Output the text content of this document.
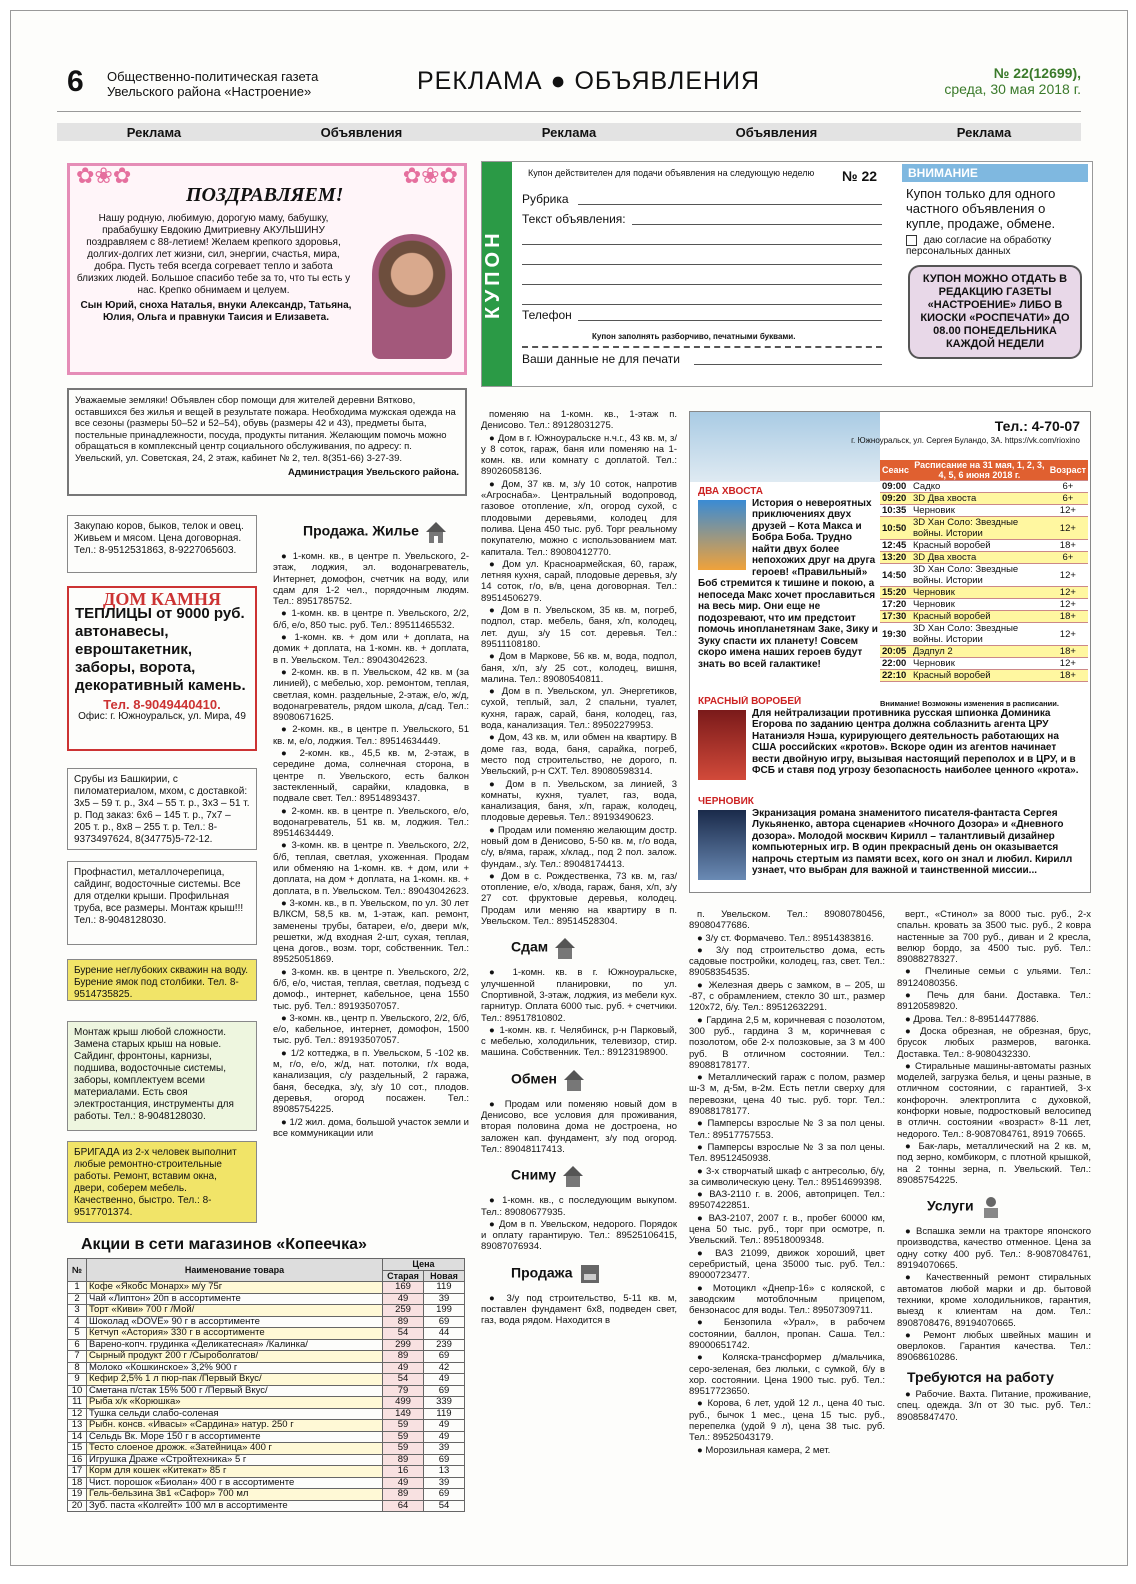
6 Общественно-политическая газета
Увельского района «Настроение»	РЕКЛАМА ● ОБЪЯВЛЕНИЯ	№ 22(12699),
среда, 30 мая 2018 г.
Реклама	Объявления	Реклама	Объявления	Реклама
✿❀✿	✿❀✿
ПОЗДРАВЛЯЕМ!
Нашу родную, любимую, дорогую маму, бабушку, прабабушку Евдокию Дмитриевну АКУЛЬШИНУ поздравляем с 88-летием! Желаем крепкого здоровья, долгих-долгих лет жизни, сил, энергии, счастья, мира, добра. Пусть тебя всегда согревает тепло и забота близких людей. Большое спасибо тебе за то, что ты есть у нас. Крепко обнимаем и целуем.
Сын Юрий, сноха Наталья, внуки Александр, Татьяна, Юлия, Ольга и правнуки Таисия и Елизавета.	КУПОН
Купон действителен для подачи объявления на следующую неделю № 22
Рубрика
Текст объявления:
Телефон
Купон заполнять разборчиво, печатными буквами.
Ваши данные не для печати
ВНИМАНИЕ

Купон только для одного частного объявления о купле, продаже, обмене.

даю согласие на обработку персональных данных
КУПОН МОЖНО ОТДАТЬ В РЕДАКЦИЮ ГАЗЕТЫ «НАСТРОЕНИЕ» ЛИБО В КИОСКИ «РОСПЕЧАТИ» ДО 08.00 ПОНЕДЕЛЬНИКА КАЖДОЙ НЕДЕЛИ
Уважаемые земляки! Объявлен сбор помощи для жителей деревни Вятково, оставшихся без жилья и вещей в результате пожара. Необходима мужская одежда на все сезоны (размеры 50–52 и 52–54), обувь (размеры 42 и 43), предметы быта, постельные принадлежности, посуда, продукты питания. Желающим помочь можно обращаться в комплексный центр социального обслуживания, по адресу: п. Увельский, ул. Советская, 24, 2 этаж, кабинет № 2, тел. 8(351-66) 3-27-39.
Администрация Увельского района.
Закупаю коров, быков, телок и овец. Живьем и мясом. Цена договорная. Тел.: 8-9512531863, 8-9227065603.
ДОМ КАМНЯ
ТЕПЛИЦЫ от 9000 руб. автонавесы, евроштакетник, заборы, ворота, декоративный камень.
Тел. 8-9049440410.
Офис: г. Южноуральск, ул. Мира, 49
Срубы из Башкирии, с пиломатериалом, мхом, с доставкой: 3х5 – 59 т. р., 3х4 – 55 т. р., 3х3 – 51 т. р. Под заказ: 6х6 – 145 т. р., 7х7 – 205 т. р., 8х8 – 255 т. р. Тел.: 8-9373497624, 8(34775)5-72-12.
Профнастил, металлочерепица, сайдинг, водосточные системы. Все для отделки крыши. Профильная труба, все размеры. Монтаж крыш!!! Тел.: 8-9048128030.
Бурение неглубоких скважин на воду. Бурение ямок под столбики. Тел. 8-9514735825.
Монтаж крыш любой сложности. Замена старых крыш на новые. Сайдинг, фронтоны, карнизы, подшива, водосточные системы, заборы, комплектуем всеми материалами. Есть своя электростанция, инструменты для работы. Тел.: 8-9048128030.
БРИГАДА из 2-х человек выполнит любые ремонтно-строительные работы. Ремонт, вставим окна, двери, соберем мебель. Качественно, быстро. Тел.: 8-9517701374.
Продажа. Жилье

● 1-комн. кв., в центре п. Увельского, 2-этаж, лоджия, эл. водонагреватель, Интернет, домофон, счетчик на воду, или сдам для 1-2 чел., порядочным людям. Тел.: 8951785752.

● 1-комн. кв. в центре п. Увельского, 2/2, б/б, е/о, 850 тыс. руб. Тел.: 89511465532.

● 1-комн. кв. + дом или + доплата, на домик + доплата, на 1-комн. кв. + доплата, в п. Увельском. Тел.: 89043042623.

● 2-комн. кв. в п. Увельском, 42 кв. м (за линией), с мебелью, хор. ремонтом, теплая, светлая, комн. раздельные, 2-этаж, е/о, ж/д, водонагреватель, рядом школа, д/сад. Тел.: 89080671625.

● 2-комн. кв., в центре п. Увельского, 51 кв. м, е/о, лоджия. Тел.: 89514634449.

● 2-комн. кв., 45,5 кв. м, 2-этаж, в середине дома, солнечная сторона, в центре п. Увельского, есть балкон застекленный, сарайки, кладовка, в подвале свет. Тел.: 89514893437.

● 2-комн. кв. в центре п. Увельского, е/о, водонагреватель, 51 кв. м, лоджия. Тел.: 89514634449.

● 3-комн. кв. в центре п. Увельского, 2/2, б/б, теплая, светлая, ухоженная. Продам или обменяю на 1-комн. кв. + дом, или + доплата, на дом + доплата, на 1-комн. кв. + доплата, в п. Увельском. Тел.: 89043042623.

● 3-комн. кв., в п. Увельском, по ул. 30 лет ВЛКСМ, 58,5 кв. м, 1-этаж, кап. ремонт, заменены трубы, батареи, е/о, двери м/к, решетки, ж/д входная 2-шт, сухая, теплая, цена догов., возм. торг, собственник. Тел.: 89525051869.

● 3-комн. кв. в центре п. Увельского, 2/2, б/б, е/о, чистая, теплая, светлая, подъезд с домоф., интернет, кабельное, цена 1550 тыс. руб. Тел.: 89193507057.

● 3-комн. кв., центр п. Увельского, 2/2, б/б, е/о, кабельное, интернет, домофон, 1500 тыс. руб. Тел.: 89193507057.

● 1/2 коттеджа, в п. Увельском, 5 -102 кв. м, г/о, е/о, ж/д, нат. потолки, г/х вода, канализация, с/у раздельный, 2 гаража, баня, беседка, з/у, з/у 10 сот., плодов. деревья, огород посажен. Тел.: 89085754225.

● 1/2 жил. дома, большой участок земли и все коммуникации или

поменяю на 1-комн. кв., 1-этаж п. Денисово. Тел.: 89128031275.

● Дом в г. Южноуральске н.ч.г., 43 кв. м, з/у 8 соток, гараж, баня или поменяю на 1-комн. кв. или комнату с доплатой. Тел.: 89026058136.

● Дом, 37 кв. м, з/у 10 соток, напротив «Агроснаба». Центральный водопровод, газовое отопление, х/п, огород сухой, с плодовыми деревьями, колодец для полива. Цена 450 тыс. руб. Торг реальному покупателю, можно с использованием мат. капитала. Тел.: 89080412770.

● Дом ул. Красноармейская, 60, гараж, летняя кухня, сарай, плодовые деревья, з/у 14 соток, г/о, в/в, цена договорная. Тел.: 89514506279.

● Дом в п. Увельском, 35 кв. м, погреб, подпол, стар. мебель, баня, х/п, колодец, лет. душ, з/у 15 сот. деревья. Тел.: 89511108180.

● Дом в Маркове, 56 кв. м, вода, подпол, баня, х/п, з/у 25 сот., колодец, вишня, малина. Тел.: 89080540811.

● Дом в п. Увельском, ул. Энергетиков, сухой, теплый, зал, 2 спальни, туалет, кухня, гараж, сарай, баня, колодец, газ, вода, канализация. Тел.: 89502279953.

● Дом, 43 кв. м, или обмен на квартиру. В доме газ, вода, баня, сарайка, погреб, место под строительство, не дорого, п. Увельский, р-н СХТ. Тел. 89080598314.

● Дом в п. Увельском, за линией, 3 комнаты, кухня, туалет, газ, вода, канализация, баня, х/п, гараж, колодец, плодовые деревья. Тел.: 89193490623.

● Продам или поменяю желающим достр. новый дом в Денисово, 5-50 кв. м, г/о вода, с/у, в/яма, гараж, х/клад., под 2 пол. залож. фундам., з/у. Тел.: 89048174413.

● Дом в с. Рождественка, 73 кв. м, газ/отопление, е/о, х/вода, гараж, баня, х/п, з/у 27 сот. фруктовые деревья, колодец. Продам или меняю на квартиру в п. Увельском. Тел.: 89514528304.

Сдам

● 1-комн. кв. в г. Южноуральске, улучшенной планировки, по ул. Спортивной, 3-этаж, лоджия, из мебели кух. гарнитур. Оплата 6000 тыс. руб. + счетчики. Тел.: 89517810802.

● 1-комн. кв. г. Челябинск, р-н Парковый, с мебелью, холодильник, телевизор, стир. машина. Собственник. Тел.: 89123198900.

Обмен

● Продам или поменяю новый дом в Денисово, все условия для проживания, вторая половина дома не достроена, но заложен кап. фундамент, з/у под огород. Тел.: 89048117413.

Сниму

● 1-комн. кв., с последующим выкупом. Тел.: 89080677935.

● Дом в п. Увельском, недорого. Порядок и оплату гарантирую. Тел.: 89525106415, 89087076934.

Продажа

● 3/у под строительство, 5-11 кв. м, поставлен фундамент 6х8, подведен свет, газ, вода рядом. Находится в

Тел.: 4-70-07
г. Южноуральск, ул. Сергея Буландо, 3А. https://vk.com/rioxino
Сеанс	Расписание на 31 мая, 1, 2, 3, 4, 5, 6 июня 2018 г.	Возраст
09:00	Садко	6+
09:20	3D Два хвоста	6+
10:35	Черновик	12+
10:50	3D Хан Соло: Звездные войны. Истории	12+
12:45	Красный воробей	18+
13:20	3D Два хвоста	6+
14:50	3D Хан Соло: Звездные войны. Истории	12+
15:20	Черновик	12+
17:20	Черновик	12+
17:30	Красный воробей	18+
19:30	3D Хан Соло: Звездные войны. Истории	12+
20:05	Дэдпул 2	18+
22:00	Черновик	12+
22:10	Красный воробей	18+
Внимание! Возможны изменения в расписании.
ДВА ХВОСТА
История о невероятных приключениях двух друзей – Кота Макса и Бобра Боба. Трудно найти двух более непохожих друг на друга героев! «Правильный» Боб стремится к тишине и покою, а непоседа Макс хочет прославиться на весь мир. Они еще не подозревают, что им предстоит помочь инопланетянам Заке, Зику и Зуку спасти их планету! Совсем скоро имена наших героев будут знать во всей галактике!
КРАСНЫЙ ВОРОБЕЙ
Для нейтрализации противника русская шпионка Доминика Егорова по заданию центра должна соблазнить агента ЦРУ Натаниэля Нэша, курирующего деятельность работающих на США российских «кротов». Вскоре один из агентов начинает вести двойную игру, вызывая настоящий переполох и в ЦРУ, и в ФСБ и ставя под угрозу безопасность наиболее ценного «крота».
ЧЕРНОВИК
Экранизация романа знаменитого писателя-фантаста Сергея Лукьяненко, автора сценариев «Ночного Дозора» и «Дневного дозора». Молодой москвич Кирилл – талантливый дизайнер компьютерных игр. В один прекрасный день он оказывается напрочь стертым из памяти всех, кого он знал и любил. Кирилл узнает, что выбран для важной и таинственной миссии...

п. Увельском. Тел.: 89080780456, 89080477686.

● 3/у ст. Формачево. Тел.: 89514383816.

● 3/у под строительство дома, есть садовые постройки, колодец, газ, свет. Тел.: 89058354535.

● Железная дверь с замком, в – 205, ш -87, с обрамлением, стекло 30 шт., размер 120х72, б/у. Тел.: 89512632291.

● Гардина 2,5 м, коричневая с позолотом, 300 руб., гардина 3 м, коричневая с позолотом, обе 2-х полозковые, за 3 м 400 руб. В отличном состоянии. Тел.: 89088178177.

● Металлический гараж с полом, размер ш-3 м, д-5м, в-2м. Есть петли сверху для перевозки, цена 40 тыс. руб. торг. Тел.: 89088178177.

● Памперсы взрослые № 3 за пол цены. Тел.: 89517757553.

● Памперсы взрослые № 3 за пол цены. Тел. 89512450938.

● 3-х створчатый шкаф с антресолью, б/у, за символическую цену. Тел.: 89514699398.

● ВАЗ-2110 г. в. 2006, автоприцеп. Тел.: 89507422851.

● ВАЗ-2107, 2007 г. в., пробег 60000 км, цена 50 тыс. руб., торг при осмотре, п. Увельский. Тел.: 89518009348.

● ВАЗ 21099, движок хороший, цвет серебристый, цена 35000 тыс. руб. Тел.: 89000723477.

● Мотоцикл «Днепр-16» с коляской, с заводским мотоблочным прицепом, бензонасос для воды. Тел.: 89507309711.

● Бензопила «Урал», в рабочем состоянии, баллон, пропан. Саша. Тел.: 89000651742.

● Коляска-трансформер д/мальчика, серо-зеленая, без люльки, с сумкой, б/у в хор. состоянии. Цена 1900 тыс. руб. Тел.: 89517723650.

● Корова, 6 лет, удой 12 л., цена 40 тыс. руб., бычок 1 мес., цена 15 тыс. руб., перепелка (удой 9 л), цена 38 тыс. руб. Тел.: 89525043179.

● Морозильная камера, 2 мет.

верт., «Стинол» за 8000 тыс. руб., 2-х спальн. кровать за 3500 тыс. руб., 2 ковра настенные за 700 руб., диван и 2 кресла, велюр бордо, за 4500 тыс. руб. Тел.: 89088278327.

● Пчелиные семьи с ульями. Тел.: 89124080356.

● Печь для бани. Доставка. Тел.: 89120589820.

● Дрова. Тел.: 8-89514477886.

● Доска обрезная, не обрезная, брус, брусок любых размеров, вагонка. Доставка. Тел.: 8-9080432330.

● Стиральные машины-автоматы разных моделей, загрузка белья, и цены разные, в отличном состоянии, с гарантией, 3-х конфорочн. электроплита с духовкой, конфорки новые, подростковый велосипед в отличн. состоянии «возраст» 8-11 лет, недорого. Тел.: 8-9087084761, 8919 70665.

● Бак-ларь, металлический на 2 кв. м, под зерно, комбикорм, с плотной крышкой, на 2 тонны зерна, п. Увельский. Тел.: 89085754225.

Услуги

● Вспашка земли на тракторе японского производства, качество отменное. Цена за одну сотку 400 руб. Тел.: 8-9087084761, 89194070665.

● Качественный ремонт стиральных автоматов любой марки и др. бытовой техники, кроме холодильников, гарантия, выезд к клиентам на дом. Тел.: 8908708476, 89194070665.

● Ремонт любых швейных машин и оверлоков. Гарантия качества. Тел.: 89068610286.

Требуются на работу

● Рабочие. Вахта. Питание, проживание, спец. одежда. 3/п от 30 тыс. руб. Тел.: 89085847470.

Акции в сети магазинов «Копеечка»
№	Наименование товара	Цена	
		Старая	Новая
1	Кофе «Якобс Монарх» м/у 75г	169	119
2	Чай «Липтон» 20п в ассортименте	49	39
3	Торт «Киви» 700 г /Мой/	259	199
4	Шоколад «DOVE» 90 г в ассортименте	89	69
5	Кетчуп «Астория» 330 г в ассортименте	54	44
6	Варено-копч. грудинка «Деликатесная» /Калинка/	299	239
7	Сырный продукт 200 г /Сыроболгатов/	89	69
8	Молоко «Кошкинское» 3,2% 900 г	49	42
9	Кефир 2,5% 1 л пюр-пак /Первый Вкус/	54	49
10	Сметана п/стак 15% 500 г /Первый Вкус/	79	69
11	Рыба х/к «Корюшка»	499	339
12	Тушка сельди слабо-соленая	149	119
13	Рыбн. консв. «Ивасы» «Сардина» натур. 250 г	59	49
14	Сельдь Вк. Море 150 г в ассортименте	59	49
15	Тесто слоеное дрожж. «Затейница» 400 г	59	39
16	Игрушка Драже «Стройтехника» 5 г	89	69
17	Корм для кошек «Китекат» 85 г	16	13
18	Чист. порошок «Биолан» 400 г в ассортименте	49	39
19	Гель-бельзина 3в1 «Сафор» 700 мл	89	69
20	Зуб. паста «Колгейт» 100 мл в ассортименте	64	54
